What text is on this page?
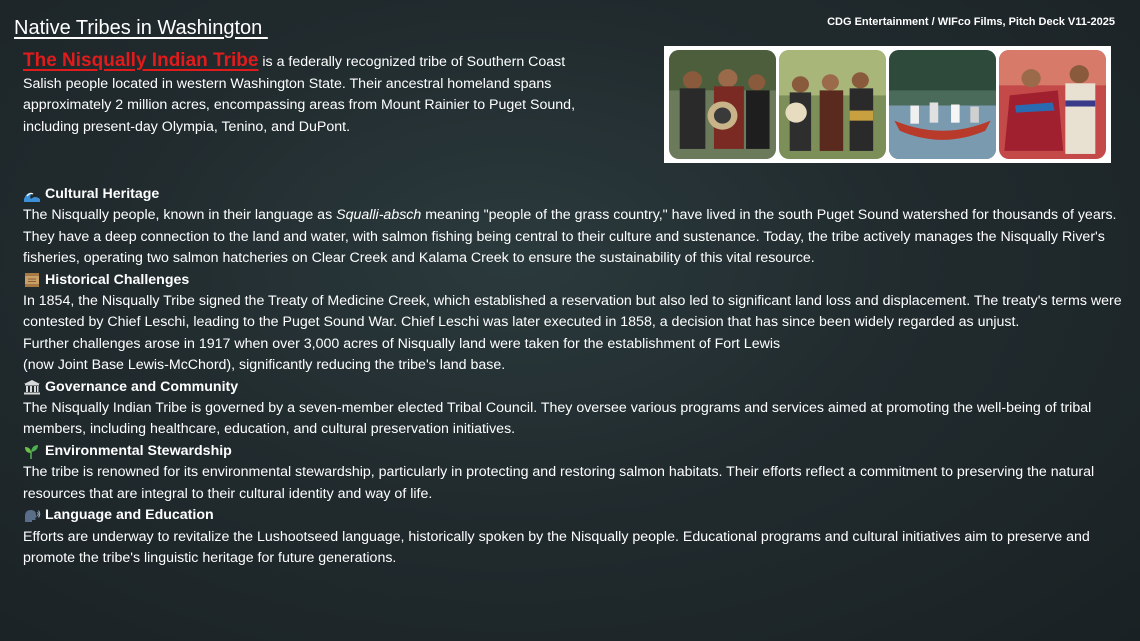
Native Tribes in Washington	CDG Entertainment / WIFco Films, Pitch Deck V11-2025
The Nisqually Indian Tribe is a federally recognized tribe of Southern Coast Salish people located in western Washington State. Their ancestral homeland spans approximately 2 million acres, encompassing areas from Mount Rainier to Puget Sound, including present-day Olympia, Tenino, and DuPont.
Cultural Heritage
The Nisqually people, known in their language as Squalli-absch meaning "people of the grass country," have lived in the south Puget Sound watershed for thousands of years. They have a deep connection to the land and water, with salmon fishing being central to their culture and sustenance. Today, the tribe actively manages the Nisqually River's fisheries, operating two salmon hatcheries on Clear Creek and Kalama Creek to ensure the sustainability of this vital resource.
Historical Challenges
In 1854, the Nisqually Tribe signed the Treaty of Medicine Creek, which established a reservation but also led to significant land loss and displacement. The treaty's terms were contested by Chief Leschi, leading to the Puget Sound War. Chief Leschi was later executed in 1858, a decision that has since been widely regarded as unjust.
Further challenges arose in 1917 when over 3,000 acres of Nisqually land were taken for the establishment of Fort Lewis
(now Joint Base Lewis-McChord), significantly reducing the tribe's land base.
Governance and Community
The Nisqually Indian Tribe is governed by a seven-member elected Tribal Council. They oversee various programs and services aimed at promoting the well-being of tribal members, including healthcare, education, and cultural preservation initiatives.
Environmental Stewardship
The tribe is renowned for its environmental stewardship, particularly in protecting and restoring salmon habitats. Their efforts reflect a commitment to preserving the natural resources that are integral to their cultural identity and way of life.
Language and Education
Efforts are underway to revitalize the Lushootseed language, historically spoken by the Nisqually people. Educational programs and cultural initiatives aim to preserve and promote the tribe's linguistic heritage for future generations.
